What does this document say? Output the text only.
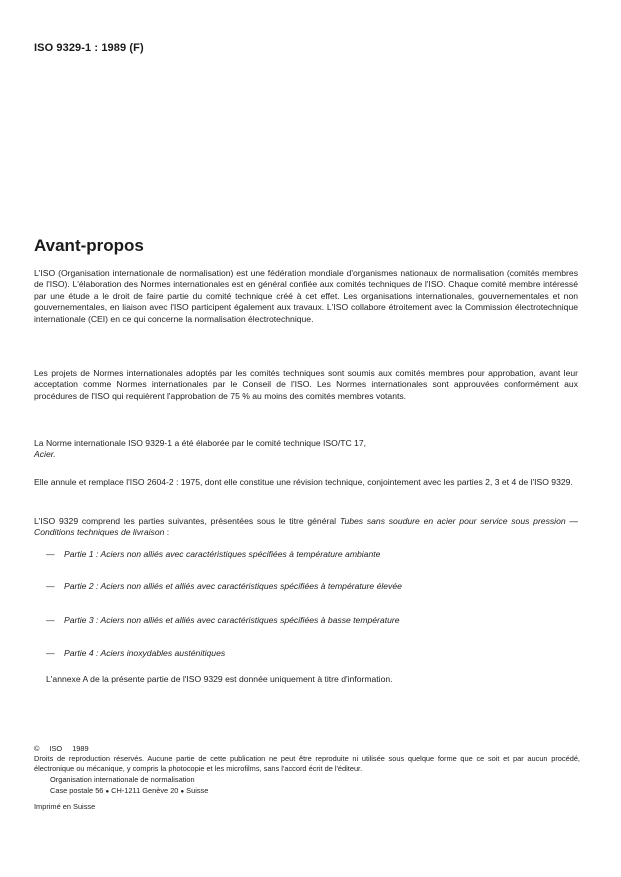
ISO 9329-1 : 1989 (F)
Avant-propos

L'ISO (Organisation internationale de normalisation) est une fédération mondiale d'organismes nationaux de normalisation (comités membres de l'ISO). L'élaboration des Normes internationales est en général confiée aux comités techniques de l'ISO. Chaque comité membre intéressé par une étude a le droit de faire partie du comité technique créé à cet effet. Les organisations internationales, gouvernementales et non gouvernementales, en liaison avec l'ISO participent également aux travaux. L'ISO collabore étroitement avec la Commission électrotechnique internationale (CEI) en ce qui concerne la normalisation électrotechnique.

Les projets de Normes internationales adoptés par les comités techniques sont soumis aux comités membres pour approbation, avant leur acceptation comme Normes internationales par le Conseil de l'ISO. Les Normes internationales sont approuvées conformément aux procédures de l'ISO qui requièrent l'approbation de 75 % au moins des comités membres votants.

La Norme internationale ISO 9329-1 a été élaborée par le comité technique ISO/TC 17,
Acier.

Elle annule et remplace l'ISO 2604-2 : 1975, dont elle constitue une révision technique, conjointement avec les parties 2, 3 et 4 de l'ISO 9329.

L'ISO 9329 comprend les parties suivantes, présentées sous le titre général Tubes sans soudure en acier pour service sous pression — Conditions techniques de livraison :

—	Partie 1 : Aciers non alliés avec caractéristiques spécifiées à température ambiante
—	Partie 2 : Aciers non alliés et alliés avec caractéristiques spécifiées à température élevée
—	Partie 3 : Aciers non alliés et alliés avec caractéristiques spécifiées à basse température
—	Partie 4 : Aciers inoxydables austénitiques
L'annexe A de la présente partie de l'ISO 9329 est donnée uniquement à titre d'information.
© ISO 1989
Droits de reproduction réservés. Aucune partie de cette publication ne peut être reproduite ni utilisée sous quelque forme que ce soit et par aucun procédé, électronique ou mécanique, y compris la photocopie et les microfilms, sans l'accord écrit de l'éditeur.
Organisation internationale de normalisation
Case postale 56 ● CH-1211 Genève 20 ● Suisse
Imprimé en Suisse
